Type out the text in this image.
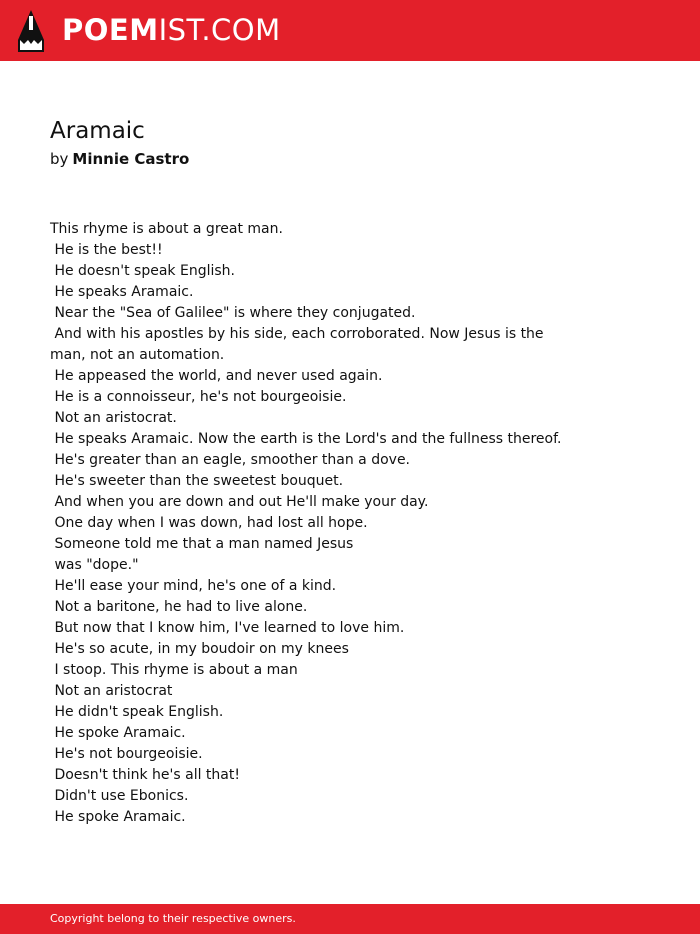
POEMIST.COM
Aramaic
by Minnie Castro
This rhyme is about a great man.
He is the best!!
He doesn't speak English.
He speaks Aramaic.
Near the "Sea of Galilee" is where they conjugated.
And with his apostles by his side, each corroborated. Now Jesus is the
man, not an automation.
He appeased the world, and never used again.
He is a connoisseur, he's not bourgeoisie.
Not an aristocrat.
He speaks Aramaic. Now the earth is the Lord's and the fullness thereof.
He's greater than an eagle, smoother than a dove.
He's sweeter than the sweetest bouquet.
And when you are down and out He'll make your day.
One day when I was down, had lost all hope.
Someone told me that a man named Jesus
was "dope."
He'll ease your mind, he's one of a kind.
Not a baritone, he had to live alone.
But now that I know him, I've learned to love him.
He's so acute, in my boudoir on my knees
I stoop. This rhyme is about a man
Not an aristocrat
He didn't speak English.
He spoke Aramaic.
He's not bourgeoisie.
Doesn't think he's all that!
Didn't use Ebonics.
He spoke Aramaic.
Copyright belong to their respective owners.
